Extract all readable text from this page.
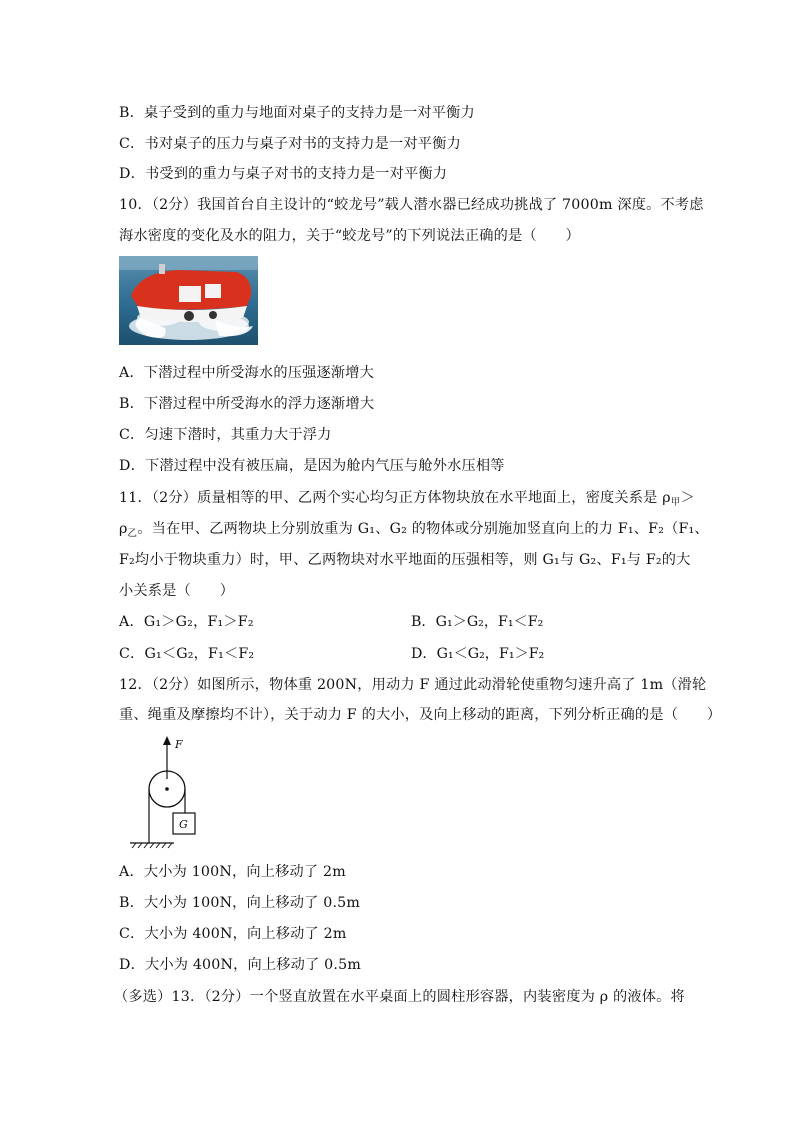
B．桌子受到的重力与地面对桌子的支持力是一对平衡力
C．书对桌子的压力与桌子对书的支持力是一对平衡力
D．书受到的重力与桌子对书的支持力是一对平衡力
10．（2分）我国首台自主设计的“蛟龙号”载人潜水器已经成功挑战了 7000m 深度。不考虑
海水密度的变化及水的阻力，关于“蛟龙号”的下列说法正确的是（　　）
A．下潜过程中所受海水的压强逐渐增大
B．下潜过程中所受海水的浮力逐渐增大
C．匀速下潜时，其重力大于浮力
D．下潜过程中没有被压扁，是因为舱内气压与舱外水压相等
11．（2分）质量相等的甲、乙两个实心均匀正方体物块放在水平地面上，密度关系是 $\rho_甲>$
$\rho_乙$。当在甲、乙两物块上分别放重为 G₁、G₂ 的物体或分别施加竖直向上的力 F₁、F₂（F₁、
F₂均小于物块重力）时，甲、乙两物块对水平地面的压强相等，则 G₁与 G₂、F₁与 F₂的大
小关系是（　　）
A．G₁＞G₂，F₁＞F₂	B．G₁＞G₂，F₁＜F₂
C．G₁＜G₂，F₁＜F₂	D．G₁＜G₂，F₁＞F₂
12．（2分）如图所示，物体重 200N，用动力 F 通过此动滑轮使重物匀速升高了 1m（滑轮
重、绳重及摩擦均不计），关于动力 F 的大小，及向上移动的距离，下列分析正确的是（　　）
F
G
A．大小为 100N，向上移动了 2m
B．大小为 100N，向上移动了 0.5m
C．大小为 400N，向上移动了 2m
D．大小为 400N，向上移动了 0.5m
（多选）13．（2分）一个竖直放置在水平桌面上的圆柱形容器，内装密度为 ρ 的液体。将
